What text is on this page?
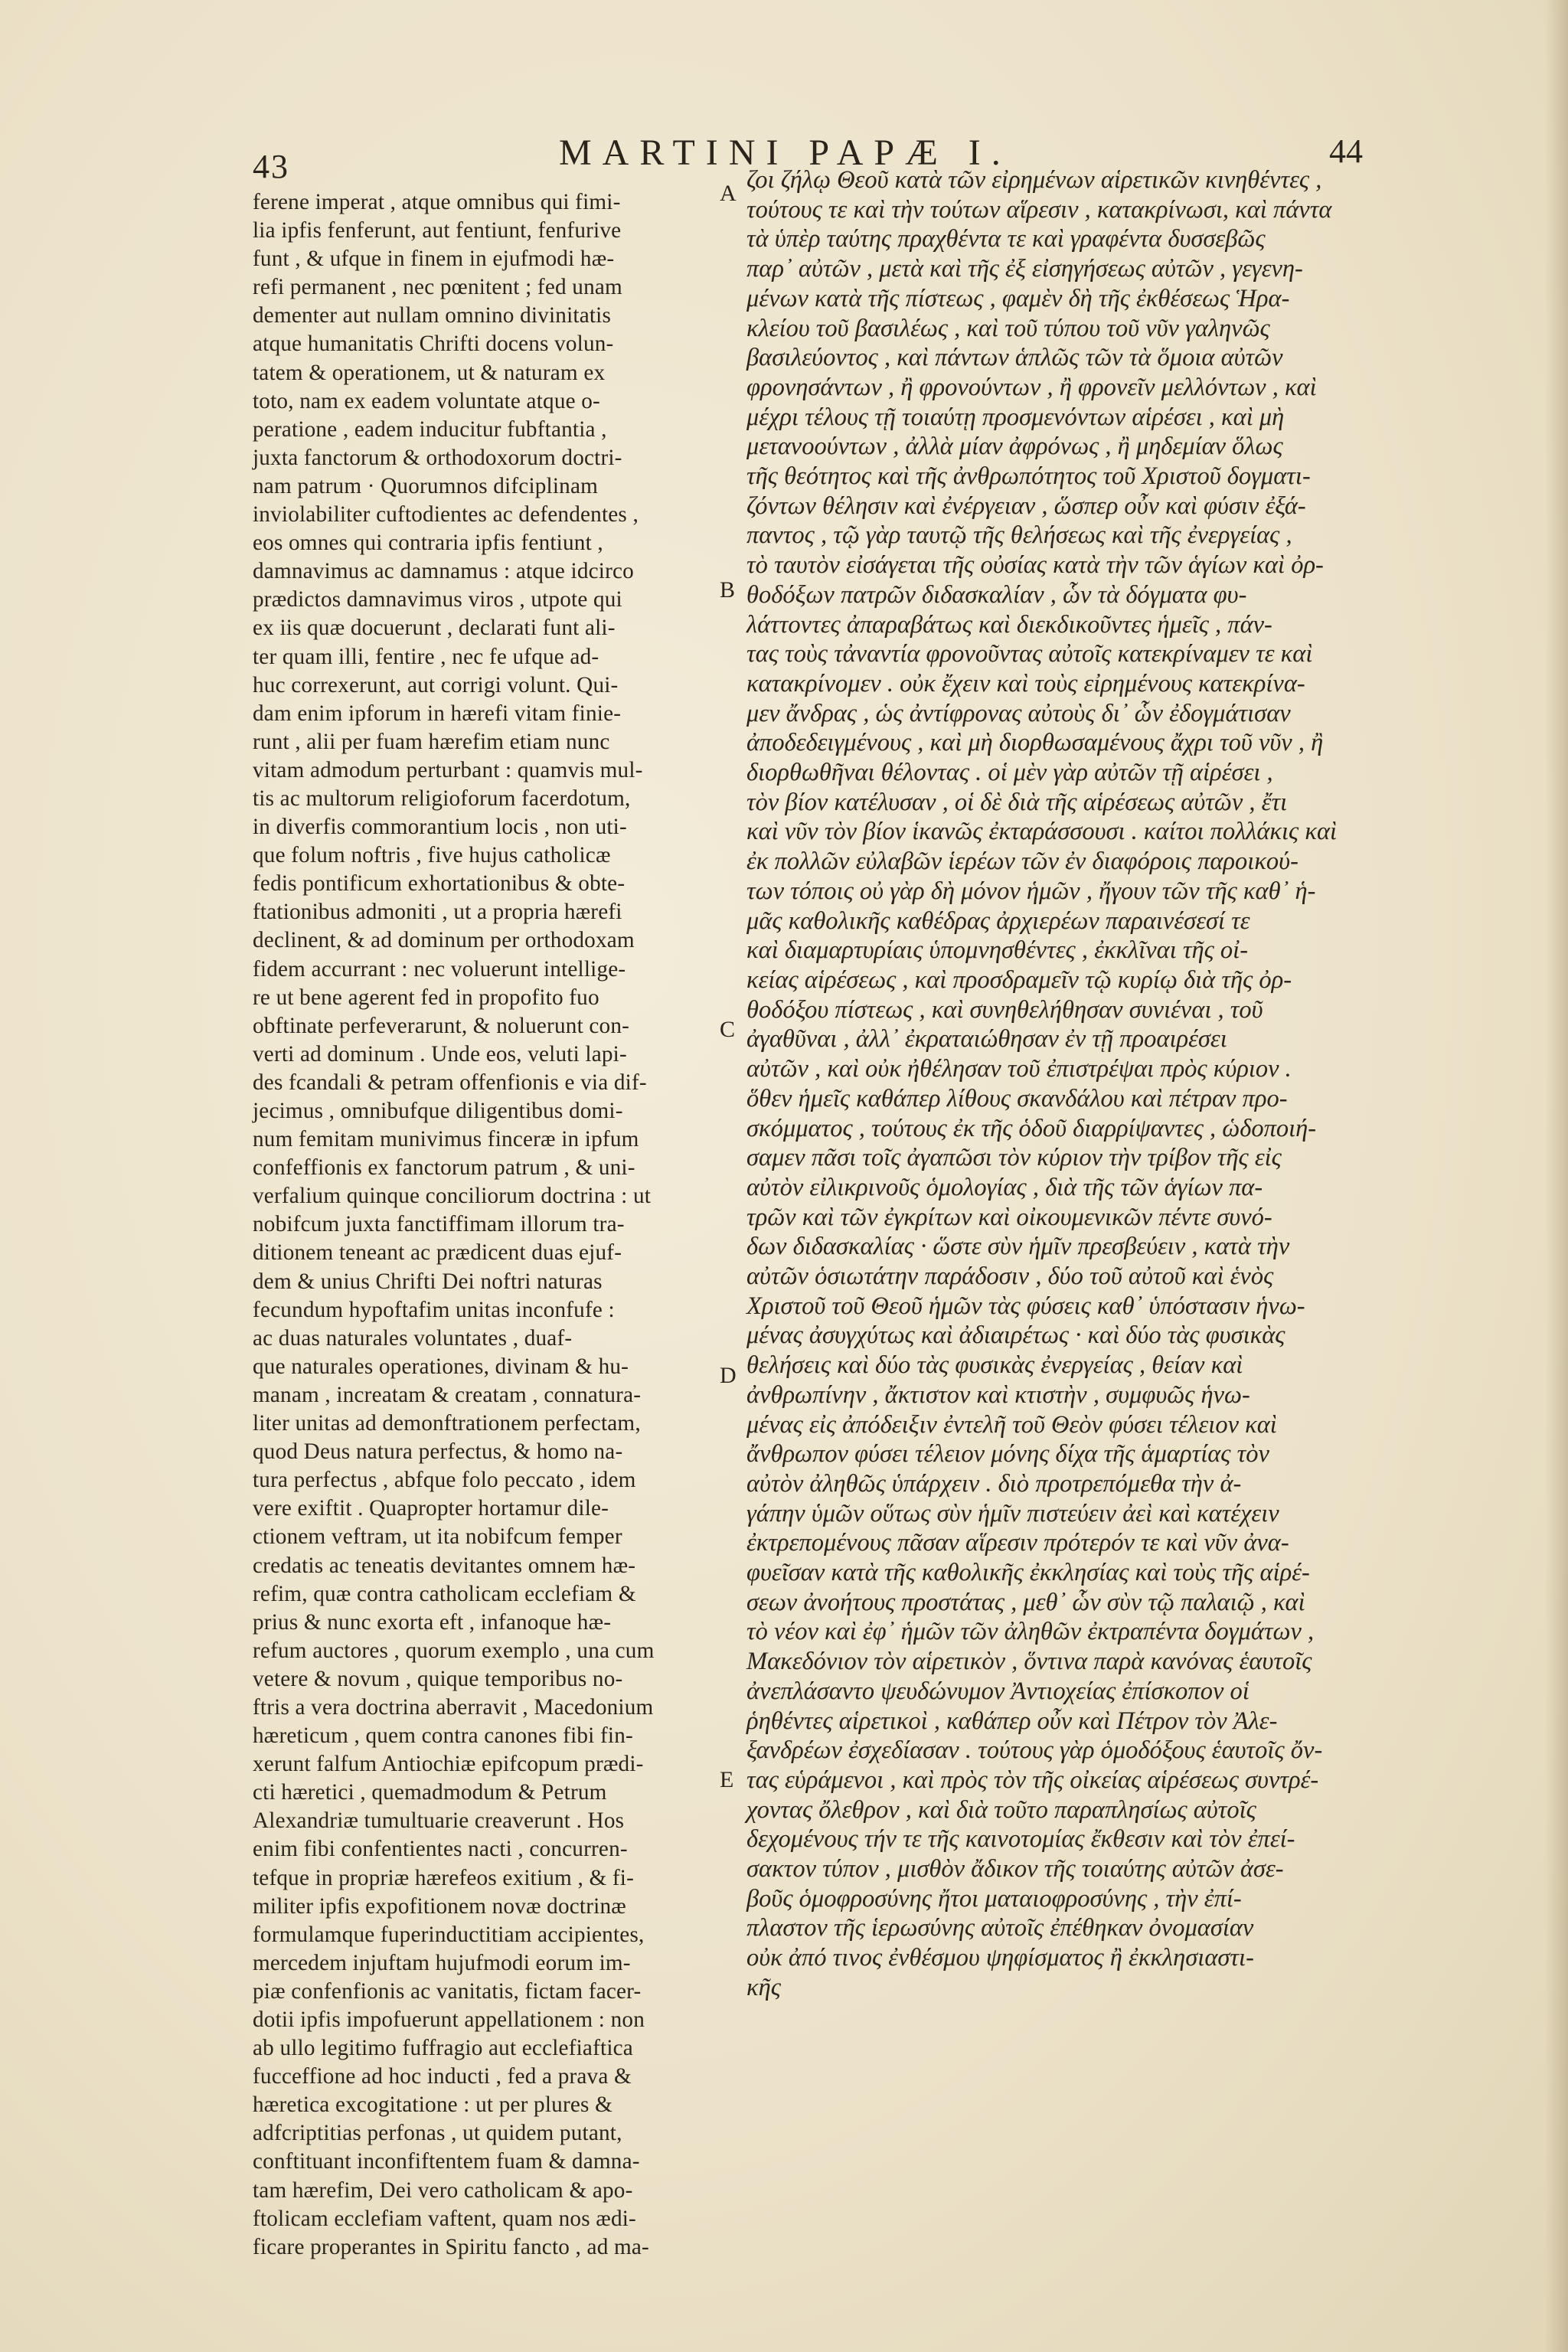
43	MARTINI PAPÆ I.	44
ferene imperat , atque omnibus qui fimi-
lia ipfis fenferunt, aut fentiunt, fenfurive
funt , & ufque in finem in ejufmodi hæ-
refi permanent , nec pœnitent ; fed unam
dementer aut nullam omnino divinitatis
atque humanitatis Chrifti docens volun-
tatem & operationem, ut & naturam ex
toto, nam ex eadem voluntate atque o-
peratione , eadem inducitur fubftantia ,
juxta fanctorum & orthodoxorum doctri-
nam patrum · Quorumnos difciplinam
inviolabiliter cuftodientes ac defendentes ,
eos omnes qui contraria ipfis fentiunt ,
damnavimus ac damnamus : atque idcirco
prædictos damnavimus viros , utpote qui
ex iis quæ docuerunt , declarati funt ali-
ter quam illi, fentire , nec fe ufque ad-
huc correxerunt, aut corrigi volunt. Qui-
dam enim ipforum in hærefi vitam finie-
runt , alii per fuam hærefim etiam nunc
vitam admodum perturbant : quamvis mul-
tis ac multorum religioforum facerdotum,
in diverfis commorantium locis , non uti-
que folum noftris , five hujus catholicæ
fedis pontificum exhortationibus & obte-
ftationibus admoniti , ut a propria hærefi
declinent, & ad dominum per orthodoxam
fidem accurrant : nec voluerunt intellige-
re ut bene agerent fed in propofito fuo
obftinate perfeverarunt, & noluerunt con-
verti ad dominum . Unde eos, veluti lapi-
des fcandali & petram offenfionis e via dif-
jecimus , omnibufque diligentibus domi-
num femitam munivimus finceræ in ipfum
confeffionis ex fanctorum patrum , & uni-
verfalium quinque conciliorum doctrina : ut
nobifcum juxta fanctiffimam illorum tra-
ditionem teneant ac prædicent duas ejuf-
dem & unius Chrifti Dei noftri naturas
fecundum hypoftafim unitas inconfufe :
ac duas naturales voluntates , duaf-
que naturales operationes, divinam & hu-
manam , increatam & creatam , connatura-
liter unitas ad demonftrationem perfectam,
quod Deus natura perfectus, & homo na-
tura perfectus , abfque folo peccato , idem
vere exiftit . Quapropter hortamur dile-
ctionem veftram, ut ita nobifcum femper
credatis ac teneatis devitantes omnem hæ-
refim, quæ contra catholicam ecclefiam &
prius & nunc exorta eft , infanoque hæ-
refum auctores , quorum exemplo , una cum
vetere & novum , quique temporibus no-
ftris a vera doctrina aberravit , Macedonium
hæreticum , quem contra canones fibi fin-
xerunt falfum Antiochiæ epifcopum prædi-
cti hæretici , quemadmodum & Petrum
Alexandriæ tumultuarie creaverunt . Hos
enim fibi confentientes nacti , concurren-
tefque in propriæ hærefeos exitium , & fi-
militer ipfis expofitionem novæ doctrinæ
formulamque fuperinductitiam accipientes,
mercedem injuftam hujufmodi eorum im-
piæ confenfionis ac vanitatis, fictam facer-
dotii ipfis impofuerunt appellationem : non
ab ullo legitimo fuffragio aut ecclefiaftica
fucceffione ad hoc inducti , fed a prava &
hæretica excogitatione : ut per plures &
adfcriptitias perfonas , ut quidem putant,
conftituant inconfiftentem fuam & damna-
tam hærefim, Dei vero catholicam & apo-
ftolicam ecclefiam vaftent, quam nos ædi-
ficare properantes in Spiritu fancto , ad ma-
A
B
C
D
E
ζοι ζήλῳ Θεοῦ κατὰ τῶν εἰρημένων αἱρετικῶν κινηθέντες ,
τούτους τε καὶ τὴν τούτων αἵρεσιν , κατακρίνωσι, καὶ πάντα
τὰ ὑπὲρ ταύτης πραχθέντα τε καὶ γραφέντα δυσσεβῶς
παρ᾽ αὐτῶν , μετὰ καὶ τῆς ἐξ εἰσηγήσεως αὐτῶν , γεγενη-
μένων κατὰ τῆς πίστεως , φαμὲν δὴ τῆς ἐκθέσεως Ἡρα-
κλείου τοῦ βασιλέως , καὶ τοῦ τύπου τοῦ νῦν γαληνῶς
βασιλεύοντος , καὶ πάντων ἁπλῶς τῶν τὰ ὅμοια αὐτῶν
φρονησάντων , ἢ φρονούντων , ἢ φρονεῖν μελλόντων , καὶ
μέχρι τέλους τῇ τοιαύτῃ προσμενόντων αἱρέσει , καὶ μὴ
μετανοούντων , ἀλλὰ μίαν ἀφρόνως , ἢ μηδεμίαν ὅλως
τῆς θεότητος καὶ τῆς ἀνθρωπότητος τοῦ Χριστοῦ δογματι-
ζόντων θέλησιν καὶ ἐνέργειαν , ὥσπερ οὖν καὶ φύσιν ἐξά-
παντος , τῷ γὰρ ταυτῷ τῆς θελήσεως καὶ τῆς ἐνεργείας ,
τὸ ταυτὸν εἰσάγεται τῆς οὐσίας κατὰ τὴν τῶν ἁγίων καὶ ὀρ-
θοδόξων πατρῶν διδασκαλίαν , ὧν τὰ δόγματα φυ-
λάττοντες ἀπαραβάτως καὶ διεκδικοῦντες ἡμεῖς , πάν-
τας τοὺς τἀναντία φρονοῦντας αὐτοῖς κατεκρίναμεν τε καὶ
κατακρίνομεν . οὐκ ἔχειν καὶ τοὺς εἰρημένους κατεκρίνα-
μεν ἄνδρας , ὡς ἀντίφρονας αὐτοὺς δι᾽ ὧν ἐδογμάτισαν
ἀποδεδειγμένους , καὶ μὴ διορθωσαμένους ἄχρι τοῦ νῦν , ἢ
διορθωθῆναι θέλοντας . οἱ μὲν γὰρ αὐτῶν τῇ αἱρέσει ,
τὸν βίον κατέλυσαν , οἱ δὲ διὰ τῆς αἱρέσεως αὐτῶν , ἔτι
καὶ νῦν τὸν βίον ἱκανῶς ἐκταράσσουσι . καίτοι πολλάκις καὶ
ἐκ πολλῶν εὐλαβῶν ἱερέων τῶν ἐν διαφόροις παροικού-
των τόποις οὐ γὰρ δὴ μόνον ἡμῶν , ἤγουν τῶν τῆς καθ᾽ ἡ-
μᾶς καθολικῆς καθέδρας ἀρχιερέων παραινέσεσί τε
καὶ διαμαρτυρίαις ὑπομνησθέντες , ἐκκλῖναι τῆς οἰ-
κείας αἱρέσεως , καὶ προσδραμεῖν τῷ κυρίῳ διὰ τῆς ὀρ-
θοδόξου πίστεως , καὶ συνηθελήθησαν συνιέναι , τοῦ
ἀγαθῦναι , ἀλλ᾽ ἐκραταιώθησαν ἐν τῇ προαιρέσει
αὐτῶν , καὶ οὐκ ἠθέλησαν τοῦ ἐπιστρέψαι πρὸς κύριον .
ὅθεν ἡμεῖς καθάπερ λίθους σκανδάλου καὶ πέτραν προ-
σκόμματος , τούτους ἐκ τῆς ὁδοῦ διαρρίψαντες , ὡδοποιή-
σαμεν πᾶσι τοῖς ἀγαπῶσι τὸν κύριον τὴν τρίβον τῆς εἰς
αὐτὸν εἰλικρινοῦς ὁμολογίας , διὰ τῆς τῶν ἁγίων πα-
τρῶν καὶ τῶν ἐγκρίτων καὶ οἰκουμενικῶν πέντε συνό-
δων διδασκαλίας · ὥστε σὺν ἡμῖν πρεσβεύειν , κατὰ τὴν
αὐτῶν ὁσιωτάτην παράδοσιν , δύο τοῦ αὐτοῦ καὶ ἑνὸς
Χριστοῦ τοῦ Θεοῦ ἡμῶν τὰς φύσεις καθ᾽ ὑπόστασιν ἡνω-
μένας ἀσυγχύτως καὶ ἀδιαιρέτως · καὶ δύο τὰς φυσικὰς
θελήσεις καὶ δύο τὰς φυσικὰς ἐνεργείας , θείαν καὶ
ἀνθρωπίνην , ἄκτιστον καὶ κτιστὴν , συμφυῶς ἡνω-
μένας εἰς ἀπόδειξιν ἐντελῆ τοῦ Θεὸν φύσει τέλειον καὶ
ἄνθρωπον φύσει τέλειον μόνης δίχα τῆς ἁμαρτίας τὸν
αὐτὸν ἀληθῶς ὑπάρχειν . διὸ προτρεπόμεθα τὴν ἀ-
γάπην ὑμῶν οὕτως σὺν ἡμῖν πιστεύειν ἀεὶ καὶ κατέχειν
ἐκτρεπομένους πᾶσαν αἵρεσιν πρότερόν τε καὶ νῦν ἀνα-
φυεῖσαν κατὰ τῆς καθολικῆς ἐκκλησίας καὶ τοὺς τῆς αἱρέ-
σεων ἀνοήτους προστάτας , μεθ᾽ ὧν σὺν τῷ παλαιῷ , καὶ
τὸ νέον καὶ ἐφ᾽ ἡμῶν τῶν ἀληθῶν ἐκτραπέντα δογμάτων ,
Μακεδόνιον τὸν αἱρετικὸν , ὅντινα παρὰ κανόνας ἑαυτοῖς
ἀνεπλάσαντο ψευδώνυμον Ἀντιοχείας ἐπίσκοπον οἱ
ῥηθέντες αἱρετικοὶ , καθάπερ οὖν καὶ Πέτρον τὸν Ἀλε-
ξανδρέων ἐσχεδίασαν . τούτους γὰρ ὁμοδόξους ἑαυτοῖς ὄν-
τας εὑράμενοι , καὶ πρὸς τὸν τῆς οἰκείας αἱρέσεως συντρέ-
χοντας ὄλεθρον , καὶ διὰ τοῦτο παραπλησίως αὐτοῖς
δεχομένους τήν τε τῆς καινοτομίας ἔκθεσιν καὶ τὸν ἐπεί-
σακτον τύπον , μισθὸν ἄδικον τῆς τοιαύτης αὐτῶν ἀσε-
βοῦς ὁμοφροσύνης ἤτοι ματαιοφροσύνης , τὴν ἐπί-
πλαστον τῆς ἱερωσύνης αὐτοῖς ἐπέθηκαν ὀνομασίαν
οὐκ ἀπό τινος ἐνθέσμου ψηφίσματος ἢ ἐκκλησιαστι-
κῆς
